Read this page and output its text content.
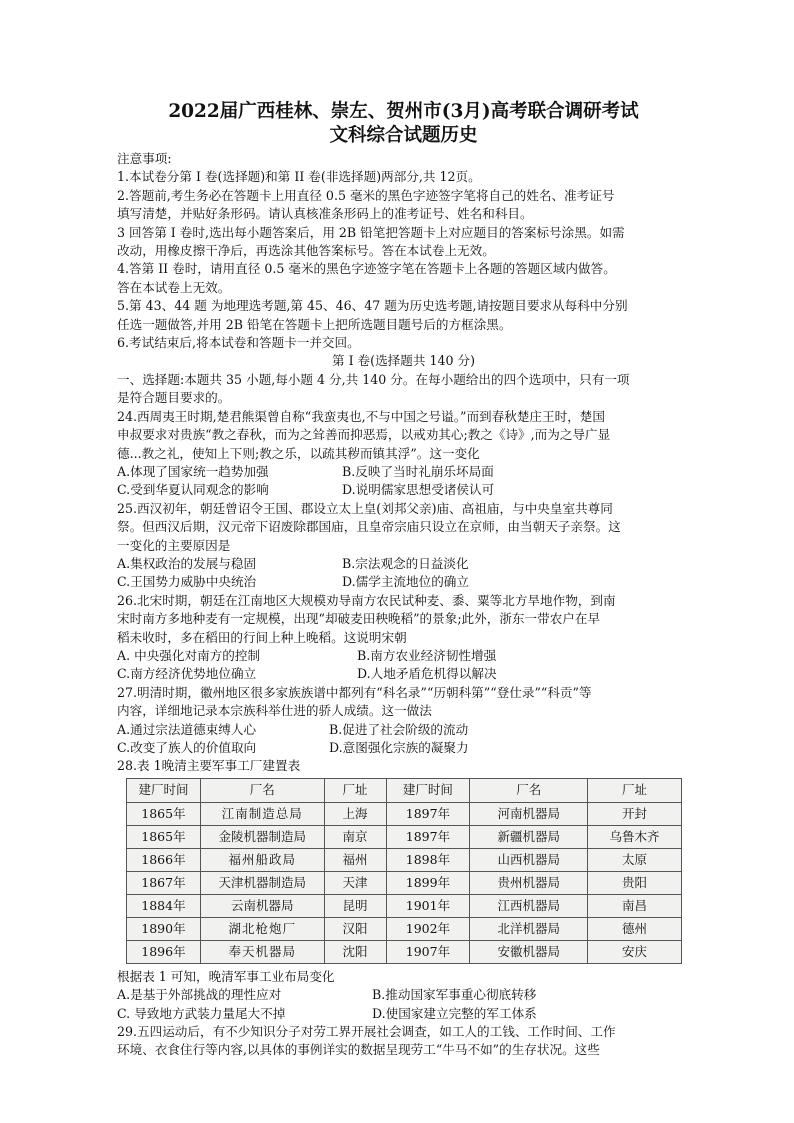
2022届广西桂林、崇左、贺州市(3月)高考联合调研考试
文科综合试题历史

注意事项:

1.本试卷分第 I 卷(选择题)和第 II 卷(非选择题)两部分,共 12页。

2.答题前,考生务必在答题卡上用直径 0.5 毫米的黑色字迹签字笔将自己的姓名、准考证号

填写清楚，并贴好条形码。请认真核准条形码上的准考证号、姓名和科目。

3 回答第 I 卷时,选出每小题答案后，用 2B 铅笔把答题卡上对应题目的答案标号涂黑。如需

改动，用橡皮擦干净后，再选涂其他答案标号。答在本试卷上无效。

4.答第 II 卷时，请用直径 0.5 毫米的黑色字迹签字笔在答题卡上各题的答题区域内做答。

答在本试卷上无效。

5.第 43、44 题 为地理选考题,第 45、46、47 题为历史选考题,请按题目要求从每科中分别

任选一题做答,并用 2B 铅笔在答题卡上把所选题目题号后的方框涂黑。

6.考试结束后,将本试卷和答题卡一并交回。

第 I 卷(选择题共 140 分)

一、选择题:本题共 35 小题,每小题 4 分,共 140 分。在每小题给出的四个选项中，只有一项

是符合题目要求的。

24.西周夷王时期,楚君熊渠曾自称“我蛮夷也,不与中国之号谥。”而到春秋楚庄王时，楚国

申叔要求对贵族“教之春秋，而为之耸善而抑恶焉，以戒劝其心;教之《诗》,而为之导广显

德...教之礼，使知上下则;教之乐，以疏其秽而镇其浮”。这一变化

A.体现了国家统一趋势加强	B.反映了当时礼崩乐坏局面
C.受到华夏认同观念的影响	D.说明儒家思想受诸侯认可

25.西汉初年，朝廷曾诏令王国、郡设立太上皇(刘邦父亲)庙、高祖庙，与中央皇室共尊同

祭。但西汉后期，汉元帝下诏废除郡国庙，且皇帝宗庙只设立在京师，由当朝天子亲祭。这

一变化的主要原因是

A.集权政治的发展与稳固	B.宗法观念的日益淡化
C.王国势力威胁中央统治	D.儒学主流地位的确立

26.北宋时期，朝廷在江南地区大规模劝导南方农民试种麦、黍、粟等北方旱地作物，到南

宋时南方多地种麦有一定规模，出现“却破麦田秧晚稻”的景象;此外，浙东一带农户在早

稻未收时，多在稻田的行间上种上晚稻。这说明宋朝

A. 中央强化对南方的控制	B.南方农业经济韧性增强
C.南方经济优势地位确立	D.人地矛盾危机得以解决

27.明清时期，徽州地区很多家族族谱中都列有“科名录”“历朝科第”“登仕录”“科贡”等

内容，详细地记录本宗族科举仕进的骄人成绩。这一做法

A.通过宗法道德束缚人心	B.促进了社会阶级的流动
C.改变了族人的价值取向	D.意图强化宗族的凝聚力

28.表 1晚清主要军事工厂建置表

建厂时间	厂名	厂址	建厂时间	厂名	厂址
1865年	江南制造总局	上海	1897年	河南机器局	开封
1865年	金陵机器制造局	南京	1897年	新疆机器局	乌鲁木齐
1866年	福州船政局	福州	1898年	山西机器局	太原
1867年	天津机器制造局	天津	1899年	贵州机器局	贵阳
1884年	云南机器局	昆明	1901年	江西机器局	南昌
1890年	湖北枪炮厂	汉阳	1902年	北洋机器局	德州
1896年	奉天机器局	沈阳	1907年	安徽机器局	安庆

根据表 1 可知，晚清军事工业布局变化

A.是基于外部挑战的理性应对	B.推动国家军事重心彻底转移
C. 导致地方武装力量尾大不掉	D.使国家建立完整的军工体系

29.五四运动后，有不少知识分子对劳工界开展社会调查，如工人的工钱、工作时间、工作

环境、衣食住行等内容,以具体的事例详实的数据呈现劳工“牛马不如”的生存状况。这些
